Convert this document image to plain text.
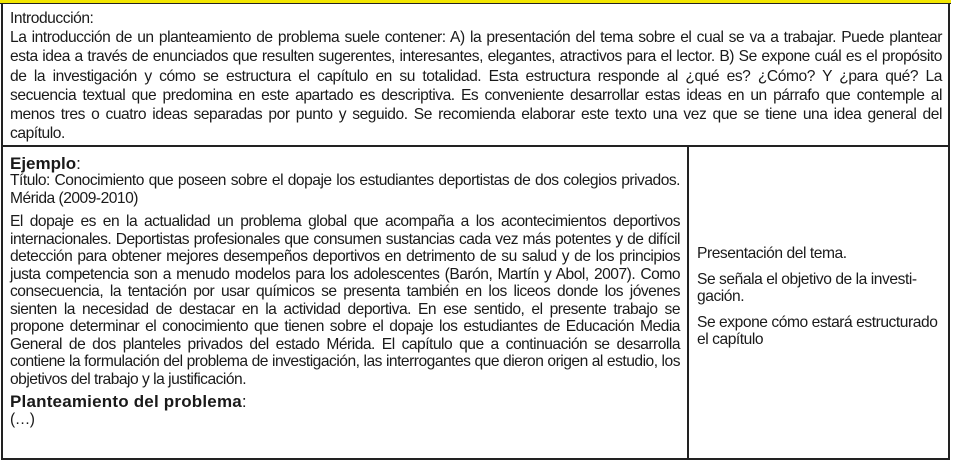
Introducción:
La introducción de un planteamiento de problema suele contener: A) la presentación del tema sobre el cual se va a trabajar. Puede plantear esta idea a través de enunciados que resulten sugerentes, interesantes, elegantes, atractivos para el lector. B) Se expone cuál es el propósito de la investigación y cómo se estructura el capítulo en su totalidad. Esta estructura responde al ¿qué es? ¿Cómo? Y ¿para qué? La secuencia textual que predomina en este apartado es descriptiva. Es conveniente desarrollar estas ideas en un párrafo que contemple al menos tres o cuatro ideas separadas por punto y seguido. Se recomienda elaborar este texto una vez que se tiene una idea general del capítulo.
Ejemplo:
Título: Conocimiento que poseen sobre el dopaje los estudiantes deportistas de dos colegios privados. Mérida (2009-2010)
El dopaje es en la actualidad un problema global que acompaña a los acontecimientos deportivos internacionales. Deportistas profesionales que consumen sustancias cada vez más potentes y de difícil detección para obtener mejores desempeños deportivos en detrimento de su salud y de los principios justa competencia son a menudo modelos para los adolescentes (Barón, Martín y Abol, 2007). Como consecuencia, la tentación por usar químicos se presenta también en los liceos donde los jóvenes sienten la necesidad de destacar en la actividad deportiva. En ese sentido, el presente trabajo se propone determinar el conocimiento que tienen sobre el dopaje los estudiantes de Educación Media General de dos planteles privados del estado Mérida. El capítulo que a continuación se desarrolla contiene la formulación del problema de investigación, las interrogantes que dieron origen al estudio, los objetivos del trabajo y la justificación.
Planteamiento del problema:
(…)
Presentación del tema.
Se señala el objetivo de la investigación.
Se expone cómo estará estructurado el capítulo
